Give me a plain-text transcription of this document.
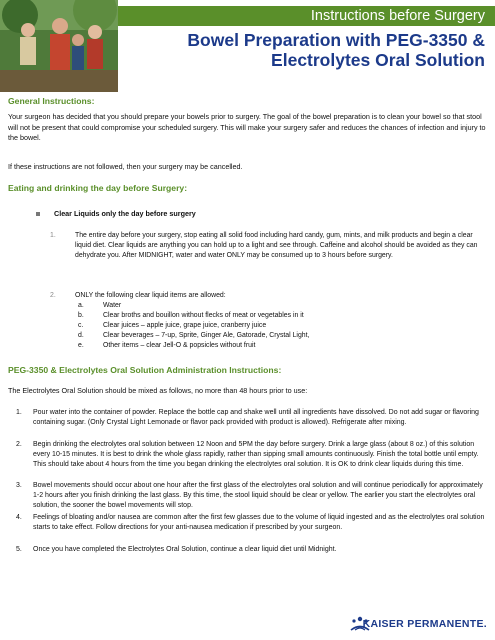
Instructions before Surgery
Bowel Preparation with PEG-3350 &
Electrolytes Oral Solution
General Instructions:
Your surgeon has decided that you should prepare your bowels prior to surgery. The goal of the bowel preparation is to clean your bowel so that stool will not be present that could compromise your scheduled surgery. This will make your surgery safer and reduces the chances of infection and injury to the bowel.
If these instructions are not followed, then your surgery may be cancelled.
Eating and drinking the day before Surgery:
Clear Liquids only the day before surgery
1.	The entire day before your surgery, stop eating all solid food including hard candy, gum, mints, and milk products and begin a clear liquid diet. Clear liquids are anything you can hold up to a light and see through. Caffeine and alcohol should be avoided as they can dehydrate you. After MIDNIGHT, water and water ONLY may be consumed up to 3 hours before surgery.
2.	ONLY the following clear liquid items are allowed:
a.	Water
b.	Clear broths and bouillon without flecks of meat or vegetables in it
c.	Clear juices – apple juice, grape juice, cranberry juice
d.	Clear beverages – 7-up, Sprite, Ginger Ale, Gatorade, Crystal Light,
e.	Other items – clear Jell-O & popsicles without fruit
PEG-3350 & Electrolytes Oral Solution Administration Instructions:
The Electrolytes Oral Solution should be mixed as follows, no more than 48 hours prior to use:
1. Pour water into the container of powder. Replace the bottle cap and shake well until all ingredients have dissolved. Do not add sugar or flavoring containing sugar. (Only Crystal Light Lemonade or flavor pack provided with product is allowed). Refrigerate after mixing.
2. Begin drinking the electrolytes oral solution between 12 Noon and 5PM the day before surgery. Drink a large glass (about 8 oz.) of this solution every 10-15 minutes. It is best to drink the whole glass rapidly, rather than sipping small amounts continuously. Finish the total bottle until empty. This should take about 4 hours from the time you began drinking the electrolytes oral solution. It is OK to drink clear liquids during this time.
3. Bowel movements should occur about one hour after the first glass of the electrolytes oral solution and will continue periodically for approximately 1-2 hours after you finish drinking the last glass. By this time, the stool liquid should be clear or yellow. The earlier you start the electrolytes oral solution, the sooner the bowel movements will stop.
4. Feelings of bloating and/or nausea are common after the first few glasses due to the volume of liquid ingested and as the electrolytes oral solution starts to take effect. Follow directions for your anti-nausea medication if prescribed by your surgeon.
5. Once you have completed the Electrolytes Oral Solution, continue a clear liquid diet until Midnight.
KAISER PERMANENTE.
